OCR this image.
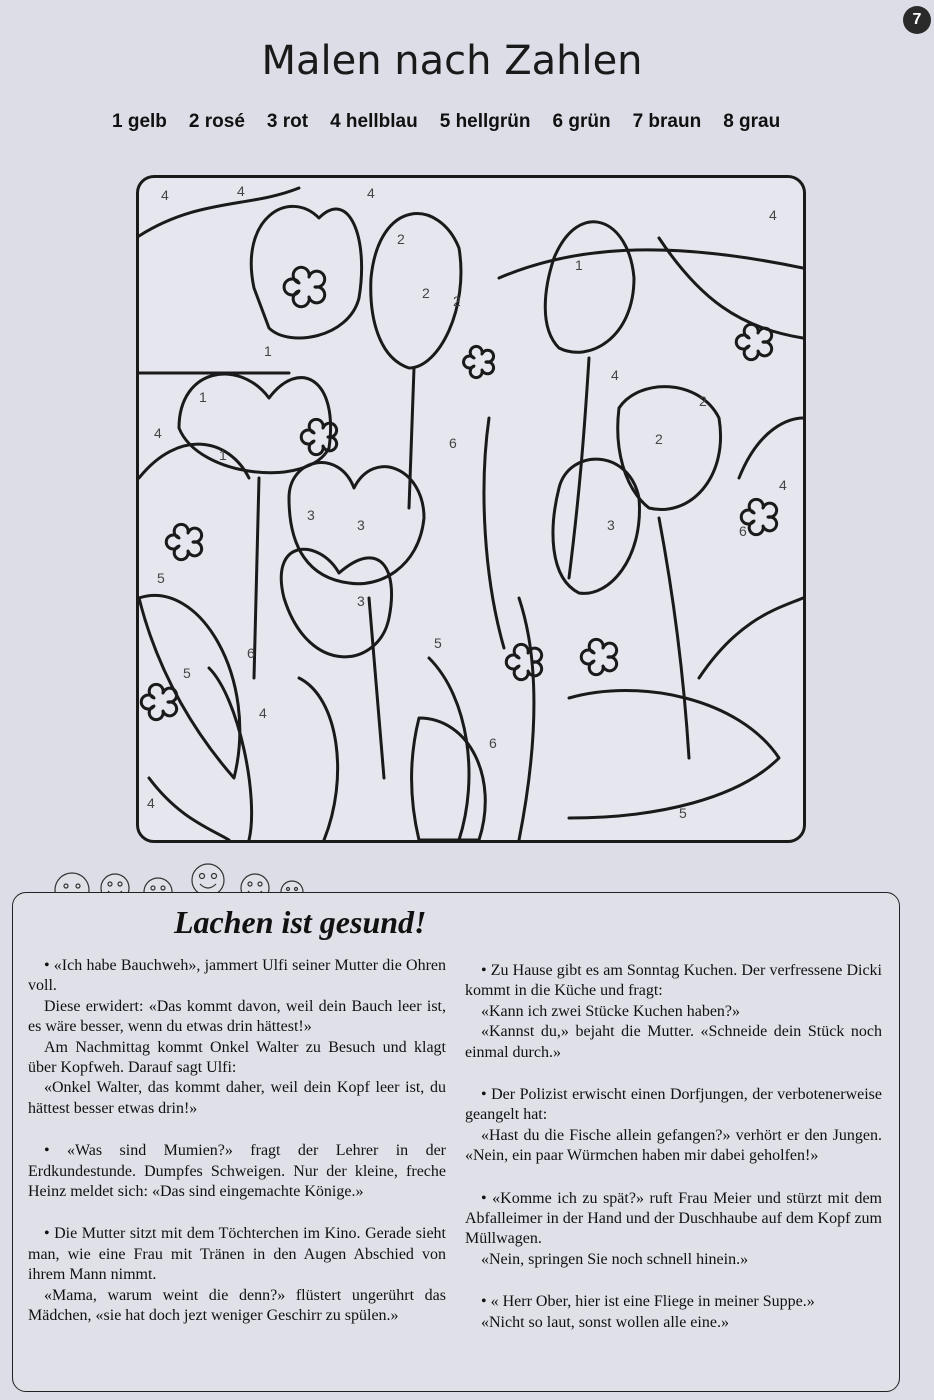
7
Malen nach Zahlen
1 gelb 2 rosé 3 rot 4 hellblau 5 hellgrün 6 grün 7 braun 8 grau
4	4	4
4
4
4
2
2 2
1
1
1
1
3
3
3
3
5
5
5
5
6
6
6
6
2
2
4
4
4
Lachen ist gesund!

• «Ich habe Bauchweh», jammert Ulfi seiner Mutter die Ohren voll.

Diese erwidert: «Das kommt davon, weil dein Bauch leer ist, es wäre besser, wenn du etwas drin hättest!»

Am Nachmittag kommt Onkel Walter zu Besuch und klagt über Kopfweh. Darauf sagt Ulfi:

«Onkel Walter, das kommt daher, weil dein Kopf leer ist, du hättest besser etwas drin!»

• «Was sind Mumien?» fragt der Lehrer in der Erdkundestunde. Dumpfes Schweigen. Nur der kleine, freche Heinz meldet sich: «Das sind eingemachte Könige.»

• Die Mutter sitzt mit dem Töchterchen im Kino. Gerade sieht man, wie eine Frau mit Tränen in den Augen Abschied von ihrem Mann nimmt.

«Mama, warum weint die denn?» flüstert ungerührt das Mädchen, «sie hat doch jezt weniger Geschirr zu spülen.»

• Zu Hause gibt es am Sonntag Kuchen. Der verfressene Dicki kommt in die Küche und fragt:

«Kann ich zwei Stücke Kuchen haben?»

«Kannst du,» bejaht die Mutter. «Schneide dein Stück noch einmal durch.»

• Der Polizist erwischt einen Dorfjungen, der verbotenerweise geangelt hat:

«Hast du die Fische allein gefangen?» verhört er den Jungen. «Nein, ein paar Würmchen haben mir dabei geholfen!»

• «Komme ich zu spät?» ruft Frau Meier und stürzt mit dem Abfalleimer in der Hand und der Duschhaube auf dem Kopf zum Müllwagen.

«Nein, springen Sie noch schnell hinein.»

• « Herr Ober, hier ist eine Fliege in meiner Suppe.»

«Nicht so laut, sonst wollen alle eine.»
